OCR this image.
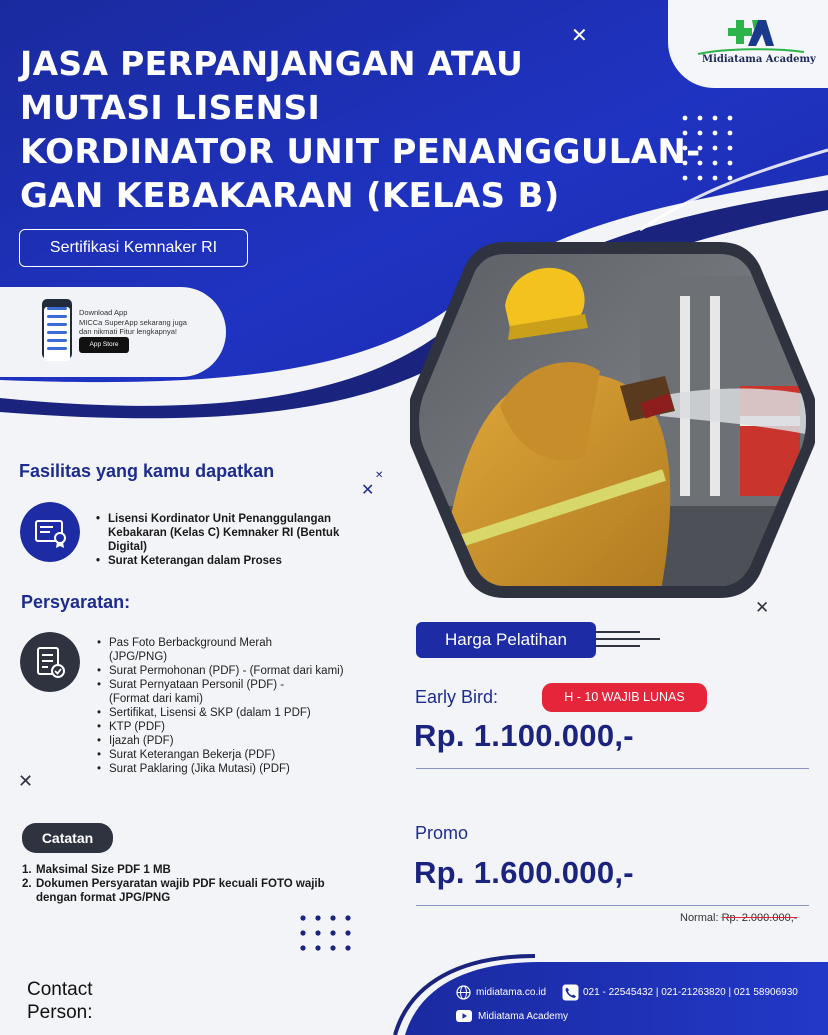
Midiatama Academy
✕
✕
✕
✕
✕
JASA PERPANJANGAN ATAU
MUTASI LISENSI
KORDINATOR UNIT PENANGGULAN-
GAN KEBAKARAN (KELAS B)
Sertifikasi Kemnaker RI
Download App
MICCa SuperApp sekarang juga
dan nikmati Fitur lengkapnya!
App Store
Fasilitas yang kamu dapatkan
• Lisensi Kordinator Unit Penanggulangan Kebakaran (Kelas C) Kemnaker RI (Bentuk Digital)
• Surat Keterangan dalam Proses
Persyaratan:
• Pas Foto Berbackground Merah (JPG/PNG)
• Surat Permohonan (PDF) - (Format dari kami)
• Surat Pernyataan Personil (PDF) - (Format dari kami)
• Sertifikat, Lisensi & SKP (dalam 1 PDF)
• KTP (PDF)
• Ijazah (PDF)
• Surat Keterangan Bekerja (PDF)
• Surat Paklaring (Jika Mutasi) (PDF)
Harga Pelatihan
Early Bird:	H - 10 WAJIB LUNAS
Rp. 1.100.000,-
Promo
Rp. 1.600.000,-
Normal: Rp. 2.000.000,-
Catatan
1. Maksimal Size PDF 1 MB
2. Dokumen Persyaratan wajib PDF kecuali FOTO wajib dengan format JPG/PNG
Contact
Person:
midiatama.co.id	021 - 22545432 | 021-21263820 | 021 58906930
Midiatama Academy
